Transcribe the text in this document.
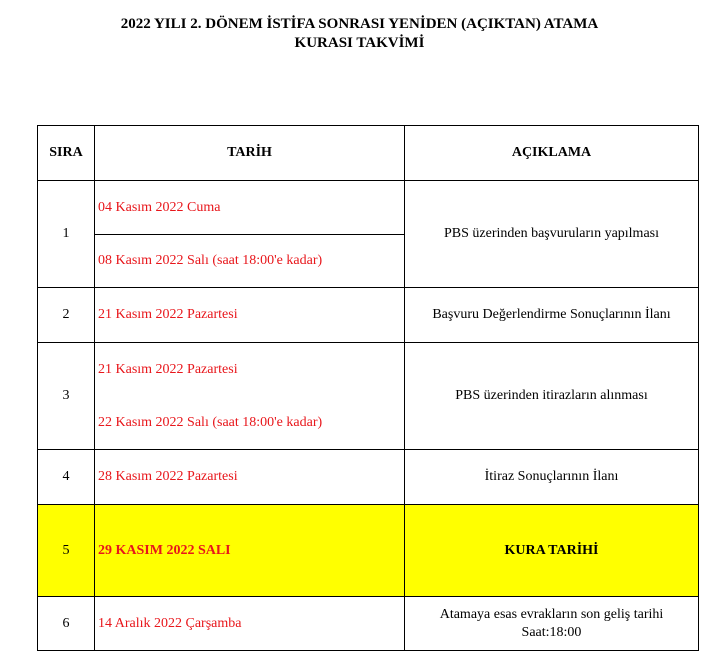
2022 YILI 2. DÖNEM İSTİFA SONRASI YENİDEN (AÇIKTAN) ATAMA
KURASI TAKVİMİ
SIRA	TARİH	AÇIKLAMA
1	04 Kasım 2022 Cuma	PBS üzerinden başvuruların yapılması
	08 Kasım 2022 Salı (saat 18:00'e kadar)	
2	21 Kasım 2022 Pazartesi	Başvuru Değerlendirme Sonuçlarının İlanı
3	21 Kasım 2022 Pazartesi	PBS üzerinden itirazların alınması
	22 Kasım 2022 Salı (saat 18:00'e kadar)	
4	28 Kasım 2022 Pazartesi	İtiraz Sonuçlarının İlanı
5	29 KASIM 2022 SALI	KURA TARİHİ
6	14 Aralık 2022 Çarşamba	Atamaya esas evrakların son geliş tarihi
Saat:18:00
